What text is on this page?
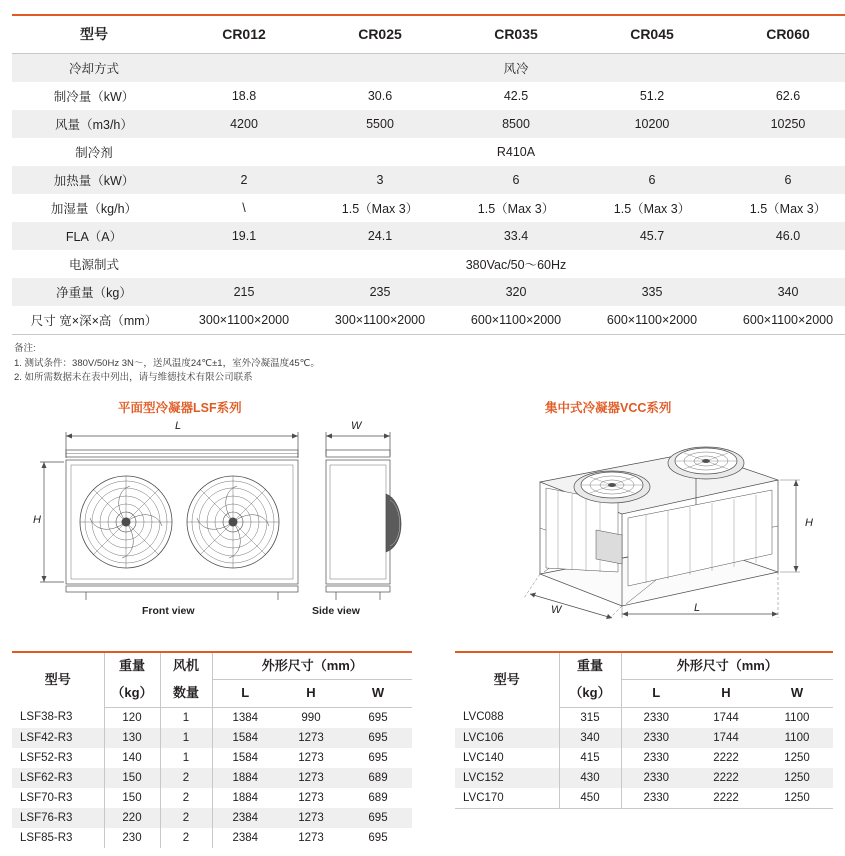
型号	CR012	CR025	CR035	CR045	CR060
冷却方式	风冷				
制冷量（kW）	18.8	30.6	42.5	51.2	62.6
风量（m3/h）	4200	5500	8500	10200	10250
制冷剂	R410A				
加热量（kW）	2	3	6	6	6
加湿量（kg/h）	\	1.5（Max 3）	1.5（Max 3）	1.5（Max 3）	1.5（Max 3）
FLA（A）	19.1	24.1	33.4	45.7	46.0
电源制式	380Vac/50～60Hz				
净重量（kg）	215	235	320	335	340
尺寸 宽×深×高（mm）	300×1100×2000	300×1100×2000	600×1100×2000	600×1100×2000	600×1100×2000
备注:
1. 测试条件：380V/50Hz 3N～，送风温度24℃±1，室外冷凝温度45℃。
2. 如所需数据未在表中列出，请与维德技术有限公司联系
平面型冷凝器LSF系列	集中式冷凝器VCC系列
L
H
W
Front view	Side view
H
L
W
型号	重量	风机	外形尺寸（mm）		
	（kg）	数量	L	H	W
LSF38-R3	120	1	1384	990	695
LSF42-R3	130	1	1584	1273	695
LSF52-R3	140	1	1584	1273	695
LSF62-R3	150	2	1884	1273	689
LSF70-R3	150	2	1884	1273	689
LSF76-R3	220	2	2384	1273	695
LSF85-R3	230	2	2384	1273	695
型号	重量	外形尺寸（mm）		
	（kg）	L	H	W
LVC088	315	2330	1744	1100
LVC106	340	2330	1744	1100
LVC140	415	2330	2222	1250
LVC152	430	2330	2222	1250
LVC170	450	2330	2222	1250
